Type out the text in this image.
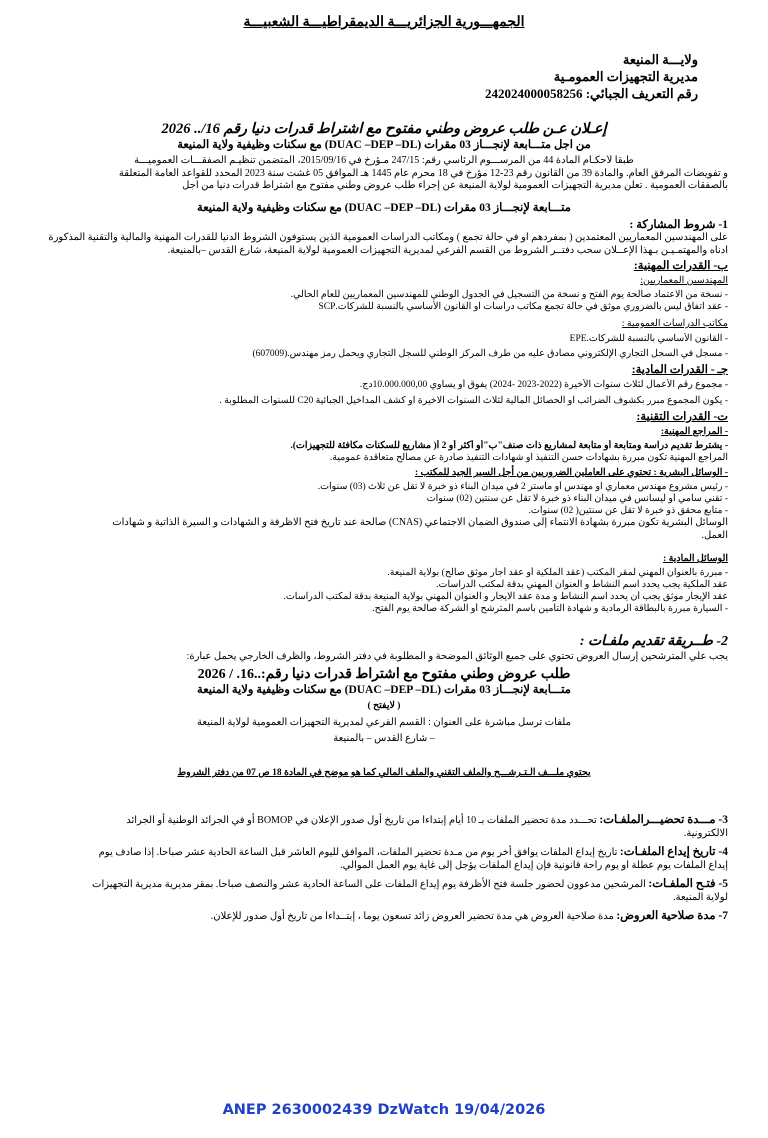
الجمهـــورية الجزائريـــة الديمقراطيـــة الشعبيـــة
ولايـــة المنيعة
مديرية التجهيزات العمومـية
رقم التعريف الجبائي: 242024000058256
إعـلان عـن طلب عروض وطني مفتوح مع اشتراط قدرات دنيا رقم 16/.. 2026
من اجل متـــابعة لإنجـــاز 03 مقرات (DUAC –DEP –DL) مع سكنات وظيفية ولاية المنيعة
طبقا لأحكـام المادة 44 من المرســـوم الرئاسي رقم: 247/15 مـؤرخ في 2015/09/16، المتضمن تنظيـم الصفقـــات العموميـــة
و تفويضات المرفق العام. والمادة 39 من القانون رقم 23-12 مؤرخ في 18 محرم عام 1445 هـ الموافق 05 غشت سنة 2023 المحدد للقواعد العامة المتعلقة
بالصفقات العمومية . تعلن مديرية التجهيزات العمومية لولاية المنيعة عن إجراء طلب عروض وطني مفتوح مع اشتراط قدرات دنيا من اجل
متـــابعة لإنجـــاز 03 مقرات (DUAC –DEP –DL) مع سكنات وظيفية ولاية المنيعة
1- شروط المشاركة :
على المهندسين المعماريين المعتمدين ( بمفردهم أو في حالة تجمع ) ومكاتب الدراسات العمومية الذين يستوفون الشروط الدنيا للقدرات المهنية والمالية والتقنية المذكورة
أدناه والمهتمـيـن بـهذا الإعــلان سحب دفتــر الشروط من القسم الفرعي لمديرية التجهيزات العمومية لولاية المنيعة، شارع القدس –بالمنيعة.
ب- القدرات المهنية:
المهندسين المعماريين:
- نسخة من الاعتماد صالحة يوم الفتح و نسخة من التسجيل في الجدول الوطني للمهندسين المعماريين للعام الحالي.
- عقد اتفاق ليس بالضروري موثق في حالة تجمع مكاتب دراسات او القانون الأساسي بالنسبة للشركات.SCP
مكاتب الدراسات العمومية :
- القانون الأساسي بالنسبة للشركات.EPE
- مسجل في السجل التجاري الإلكتروني مصادق عليه من طرف المركز الوطني للسجل التجاري ويحمل رمز مهندس.(607009)
جـ - القدرات المادية:
- مجموع رقم الأعمال لثلاث سنوات الأخيرة (2022-2023 -2024) يفوق أو يساوي 10.000.000,00دج.
- يكون المجموع مبرر بكشوف الضرائب او الحصائل المالية لثلاث السنوات الاخيرة او كشف المداخيل الجبائية C20 للسنوات المطلوبة .
ت- القدرات التقنية:
- المراجع المهنية:
- يشترط تقديم دراسة ومتابعة أو متابعة لمشاريع ذات صنف"ب"أو أكثر أو 2 أ( مشاريع للسكنات مكافئة للتجهيزات).
المراجع المهنية تكون مبررة بشهادات حسن التنفيذ او شهادات التنفيذ صادرة عن مصالح متعاقدة عمومية.
- الوسائل البشرية : تحتوي على العاملين الضروريين من أجل السير الجيد للمكتب :
- رئيس مشروع مهندس معماري او مهندس أو ماستر 2 في ميدان البناء ذو خبرة لا تقل عن ثلاث (03) سنوات.
- تقني سامي أو ليسانس في ميدان البناء ذو خبرة لا تقل عن سنتين (02) سنوات
- متابع محقق ذو خبرة لا تقل عن سنتين( 02) سنوات.
الوسائل البشرية تكون مبررة بشهادة الانتماء إلى صندوق الضمان الاجتماعي (CNAS) صالحة عند تاريخ فتح الاظرفة و الشهادات و السيرة الذاتية و شهادات
العمل.
الوسائل المادية :
- مبررة بالعنوان المهني لمقر المكتب (عقد الملكية أو عقد أجار موثق صالح) بولاية المنيعة.
عقد الملكية يجب يحدد اسم النشاط و العنوان المهني بدقة لمكتب الدراسات.
عقد الإيجار موثق يجب أن يحدد اسم النشاط و مدة عقد الايجار و العنوان المهني بولاية المنيعة بدقة لمكتب الدراسات.
- السيارة مبررة بالبطاقة الرمادية و شهادة التأمين باسم المترشح أو الشركة صالحة يوم الفتح.
2- طــريقة تقديم ملفـات :
يجب علي المترشحين إرسال العروض تحتوي على جميع الوثائق الموضحة و المطلوبة في دفتر الشروط، والظرف الخارجي يحمل عبارة:
طلب عروض وطني مفتوح مع اشتراط قدرات دنيا رقم:..16. / 2026
متـــابعة لإنجـــاز 03 مقرات (DUAC –DEP –DL) مع سكنات وظيفية ولاية المنيعة
( لايفتح )
ملفات ترسل مباشرة على العنوان : القسم الفرعي لمديرية التجهيزات العمومية لولاية المنيعة
– شارع القدس – بالمنيعة
يحتوي ملـــف الـتـرشـــح والملف التقني والملف المالي كما هو موضح في المادة 18 ص 07 من دفتر الشروط
3- مـــدة تحضيـــرالملفـات: تحـــدد مدة تحضير الملفات بـ 10 أيام إبتداءا من تاريخ أول صدور الإعلان في BOMOP أو في الجرائد الوطنية أو الجرائد
الالكترونية.
4- تاريخ إيداع الملفـات: تاريخ إيداع الملفات يوافق أخر يوم من مـدة تحضير الملفات، الموافق لليوم العاشر قبل الساعة الحادية عشر صباحا. إذا صادف يوم
إيداع الملفات يوم عطلة او يوم راحة قانونية فإن إيداع الملفات يؤجل إلى غاية يوم العمل الموالي.
5- فتـح الملفـات: المرشحين مدعوون لحضور جلسة فتح الأظرفة يوم إيداع الملفات على الساعة الحادية عشر والنصف صباحا. بمقر مديرية مديرية التجهيزات
لولاية المنيعة.
7- مدة صلاحية العروض: مدة صلاحية العروض هي مدة تحضير العروض زائد تسعون يوما ، إبتــداءا من تاريخ أول صدور للإعلان.
ANEP 2630002439 DzWatch 19/04/2026
